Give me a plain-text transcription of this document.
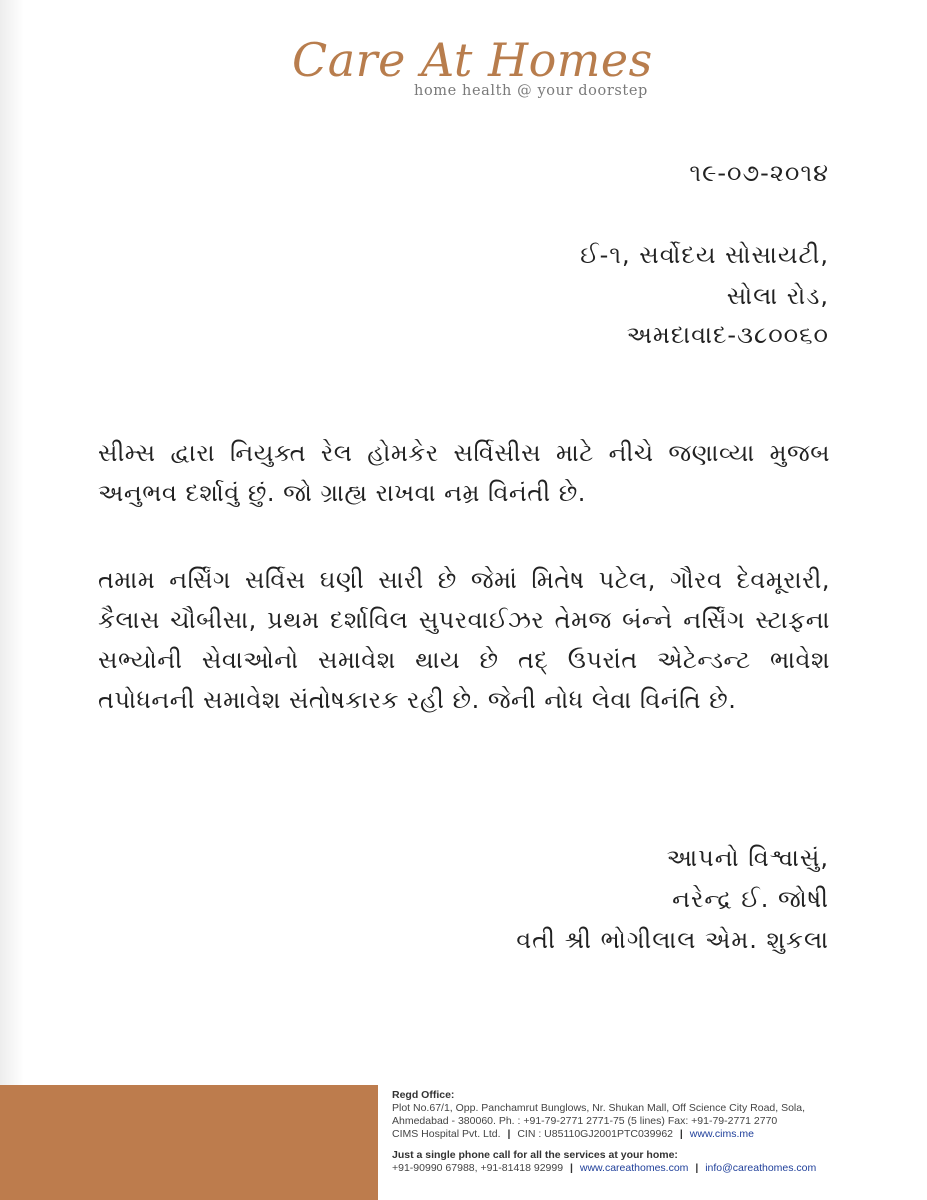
Care At Homes
home health @ your doorstep
૧૯-૦૭-૨૦૧૪
ઈ-૧, સર્વોદય સોસાયટી,
સોલા રોડ,
અમદાવાદ-૩૮૦૦૬૦
સીમ્સ દ્વારા નિયુક્ત રેલ હોમકેર સર્વિસીસ માટે નીચે જણાવ્યા મુજબ અનુભવ દર્શાવું છું. જો ગ્રાહ્ય રાખવા નમ્ર વિનંતી છે.
તમામ નર્સિંગ સર્વિસ ઘણી સારી છે જેમાં મિતેષ પટેલ, ગૌરવ દેવમૂરારી, કૈલાસ ચૌબીસા, પ્રથમ દર્શાવિલ સુપરવાઈઝર તેમજ બંન્ને નર્સિંગ સ્ટાફના સભ્યોની સેવાઓનો સમાવેશ થાય છે તદ્ ઉપરાંત એટેન્ડન્ટ ભાવેશ તપોધનની સમાવેશ સંતોષકારક રહી છે. જેની નોધ લેવા વિનંતિ છે.
આપનો વિશ્વાસું,
નરેન્દ્ર ઈ. જોષી
વતી શ્રી ભોગીલાલ એમ. શુકલા
Regd Office:
Plot No.67/1, Opp. Panchamrut Bunglows, Nr. Shukan Mall, Off Science City Road, Sola,
Ahmedabad - 380060. Ph. : +91-79-2771 2771-75 (5 lines) Fax: +91-79-2771 2770
CIMS Hospital Pvt. Ltd. | CIN : U85110GJ2001PTC039962 | www.cims.me
Just a single phone call for all the services at your home:
+91-90990 67988, +91-81418 92999 | www.careathomes.com | info@careathomes.com
